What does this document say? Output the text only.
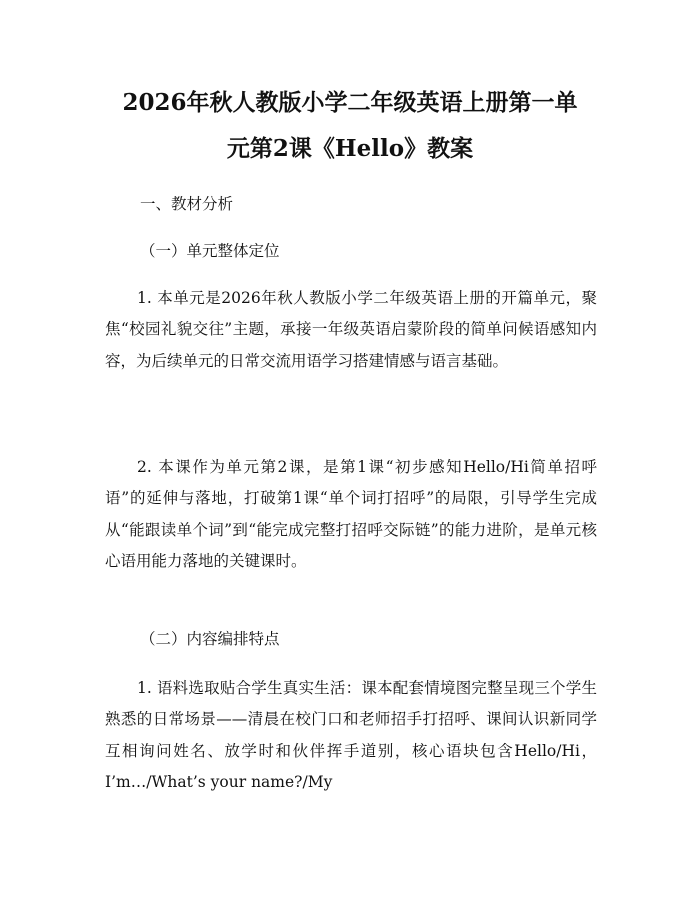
2026年秋人教版小学二年级英语上册第一单
元第2课《Hello》教案

一、教材分析

（一）单元整体定位

1. 本单元是2026年秋人教版小学二年级英语上册的开篇单元，聚焦“校园礼貌交往”主题，承接一年级英语启蒙阶段的简单问候语感知内容，为后续单元的日常交流用语学习搭建情感与语言基础。

2. 本课作为单元第2课，是第1课“初步感知Hello/Hi简单招呼语”的延伸与落地，打破第1课“单个词打招呼”的局限，引导学生完成从“能跟读单个词”到“能完成完整打招呼交际链”的能力进阶，是单元核心语用能力落地的关键课时。

（二）内容编排特点

1. 语料选取贴合学生真实生活：课本配套情境图完整呈现三个学生熟悉的日常场景——清晨在校门口和老师招手打招呼、课间认识新同学互相询问姓名、放学时和伙伴挥手道别，核心语块包含Hello/Hi，I’m…/What’s your name?/My
